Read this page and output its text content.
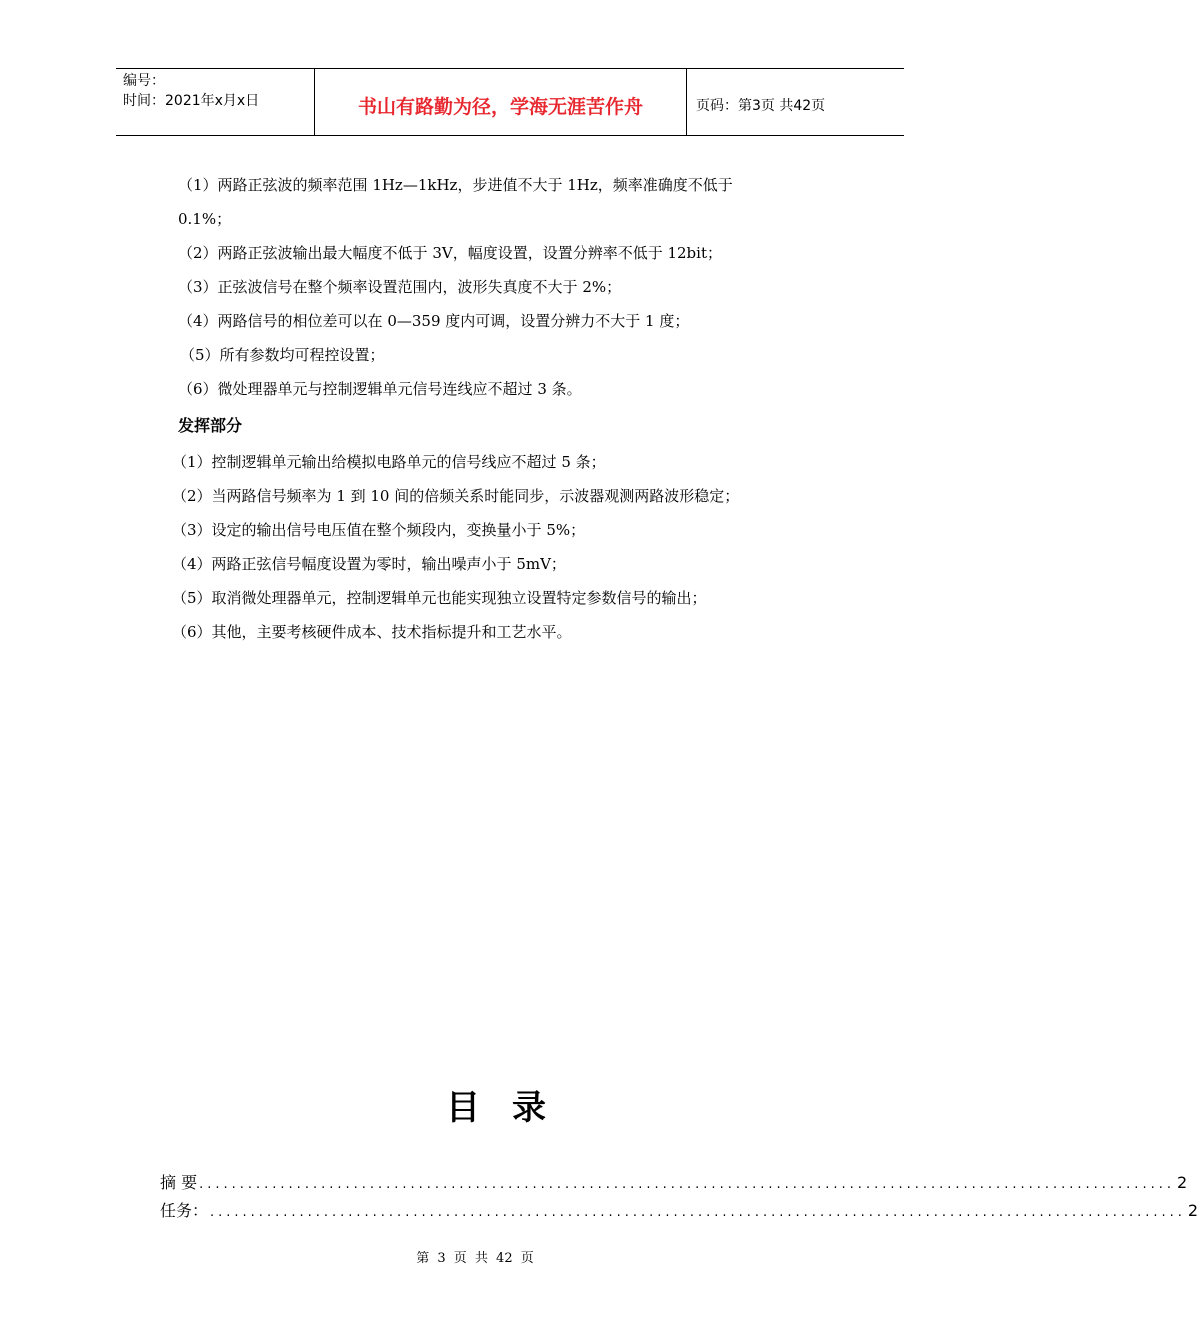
编号：
时间：2021年x月x日	书山有路勤为径，学海无涯苦作舟	页码：第3页 共42页
（1）两路正弦波的频率范围 1Hz—1kHz，步进值不大于 1Hz，频率准确度不低于
0.1%；
（2）两路正弦波输出最大幅度不低于 3V，幅度设置，设置分辨率不低于 12bit；
（3）正弦波信号在整个频率设置范围内，波形失真度不大于 2%；
（4）两路信号的相位差可以在 0—359 度内可调，设置分辨力不大于 1 度；
（5）所有参数均可程控设置；
（6）微处理器单元与控制逻辑单元信号连线应不超过 3 条。
发挥部分
（1）控制逻辑单元输出给模拟电路单元的信号线应不超过 5 条；
（2）当两路信号频率为 1 到 10 间的倍频关系时能同步，示波器观测两路波形稳定；
（3）设定的输出信号电压值在整个频段内，变换量小于 5%；
（4）两路正弦信号幅度设置为零时，输出噪声小于 5mV；
（5）取消微处理器单元，控制逻辑单元也能实现独立设置特定参数信号的输出；
（6）其他，主要考核硬件成本、技术指标提升和工艺水平。
目录
摘 要 ........................................................................................................................ 2
任务： ........................................................................................................................ 2
第 3 页 共 42 页
